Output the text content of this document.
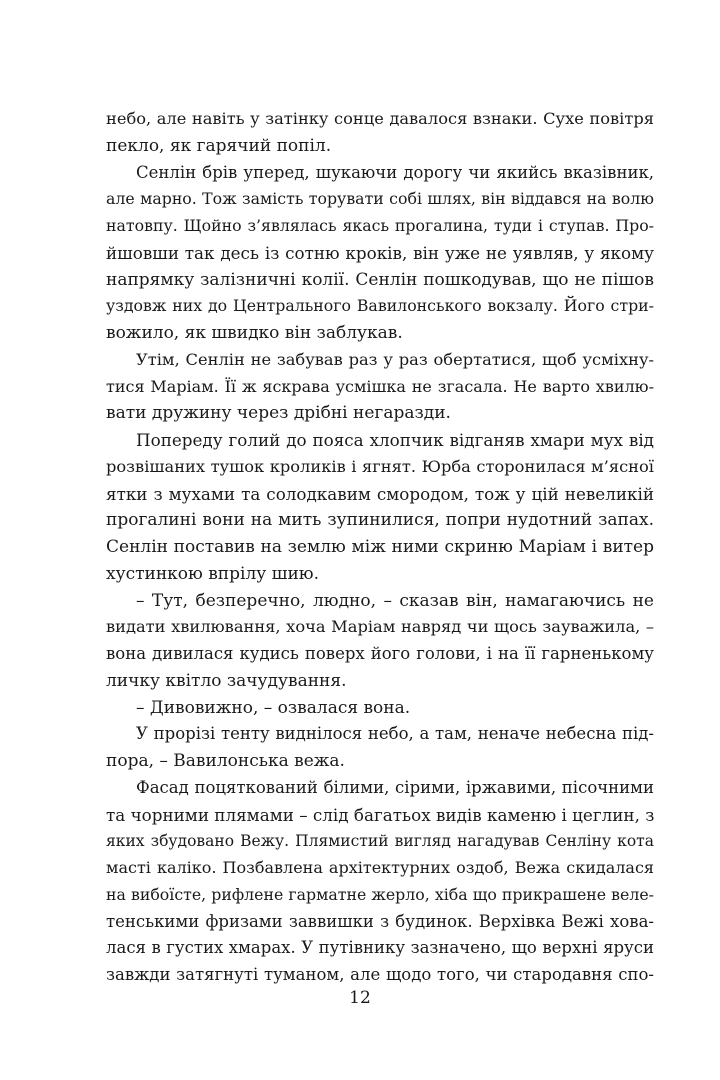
небо, але навіть у затінку сонце давалося взнаки. Сухе повітря
пекло, як гарячий попіл.
Сенлін брів уперед, шукаючи дорогу чи якийсь вказівник,
але марно. Тож замість торувати собі шлях, він віддався на волю
натовпу. Щойно з’являлась якась прогалина, туди і ступав. Про-
йшовши так десь із сотню кроків, він уже не уявляв, у якому
напрямку залізничні колії. Сенлін пошкодував, що не пішов
уздовж них до Центрального Вавилонського вокзалу. Його стри-
вожило, як швидко він заблукав.
Утім, Сенлін не забував раз у раз обертатися, щоб усміхну-
тися Маріам. Її ж яскрава усмішка не згасала. Не варто хвилю-
вати дружину через дрібні негаразди.
Попереду голий до пояса хлопчик відганяв хмари мух від
розвішаних тушок кроликів і ягнят. Юрба сторонилася м’ясної
ятки з мухами та солодкавим смородом, тож у цій невеликій
прогалині вони на мить зупинилися, попри нудотний запах.
Сенлін поставив на землю між ними скриню Маріам і витер
хустинкою впрілу шию.
– Тут, безперечно, людно, – сказав він, намагаючись не
видати хвилювання, хоча Маріам навряд чи щось зауважила, –
вона дивилася кудись поверх його голови, і на її гарненькому
личку квітло зачудування.
– Дивовижно, – озвалася вона.
У прорізі тенту виднілося небо, а там, неначе небесна під-
пора, – Вавилонська вежа.
Фасад поцяткований білими, сірими, іржавими, пісочними
та чорними плямами – слід багатьох видів каменю і цеглин, з
яких збудовано Вежу. Плямистий вигляд нагадував Сенліну кота
масті каліко. Позбавлена архітектурних оздоб, Вежа скидалася
на вибоїсте, рифлене гарматне жерло, хіба що прикрашене веле-
тенськими фризами заввишки з будинок. Верхівка Вежі хова-
лася в густих хмарах. У путівнику зазначено, що верхні яруси
завжди затягнуті туманом, але щодо того, чи стародавня спо-
12
